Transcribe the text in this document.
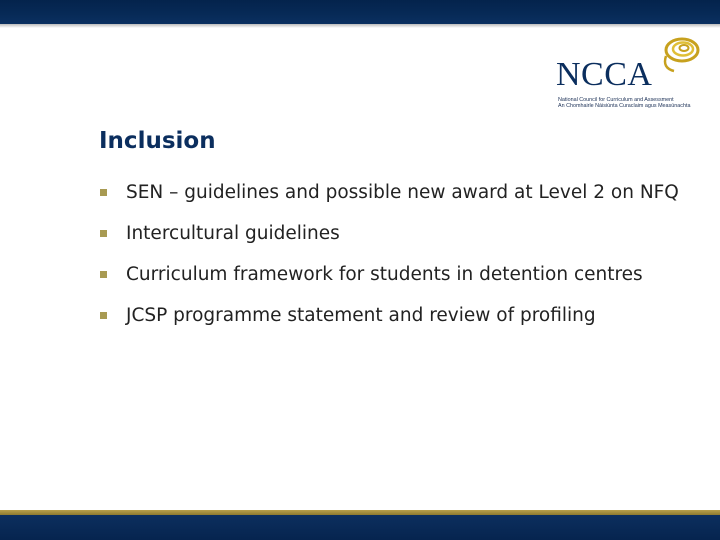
NCCA
National Council for Curriculum and Assessment
An Chomhairle Náisiúnta Curaclaim agus Measúnachta
Inclusion
SEN – guidelines and possible new award at Level 2 on NFQ
Intercultural guidelines
Curriculum framework for students in detention centres
JCSP programme statement and review of profiling
